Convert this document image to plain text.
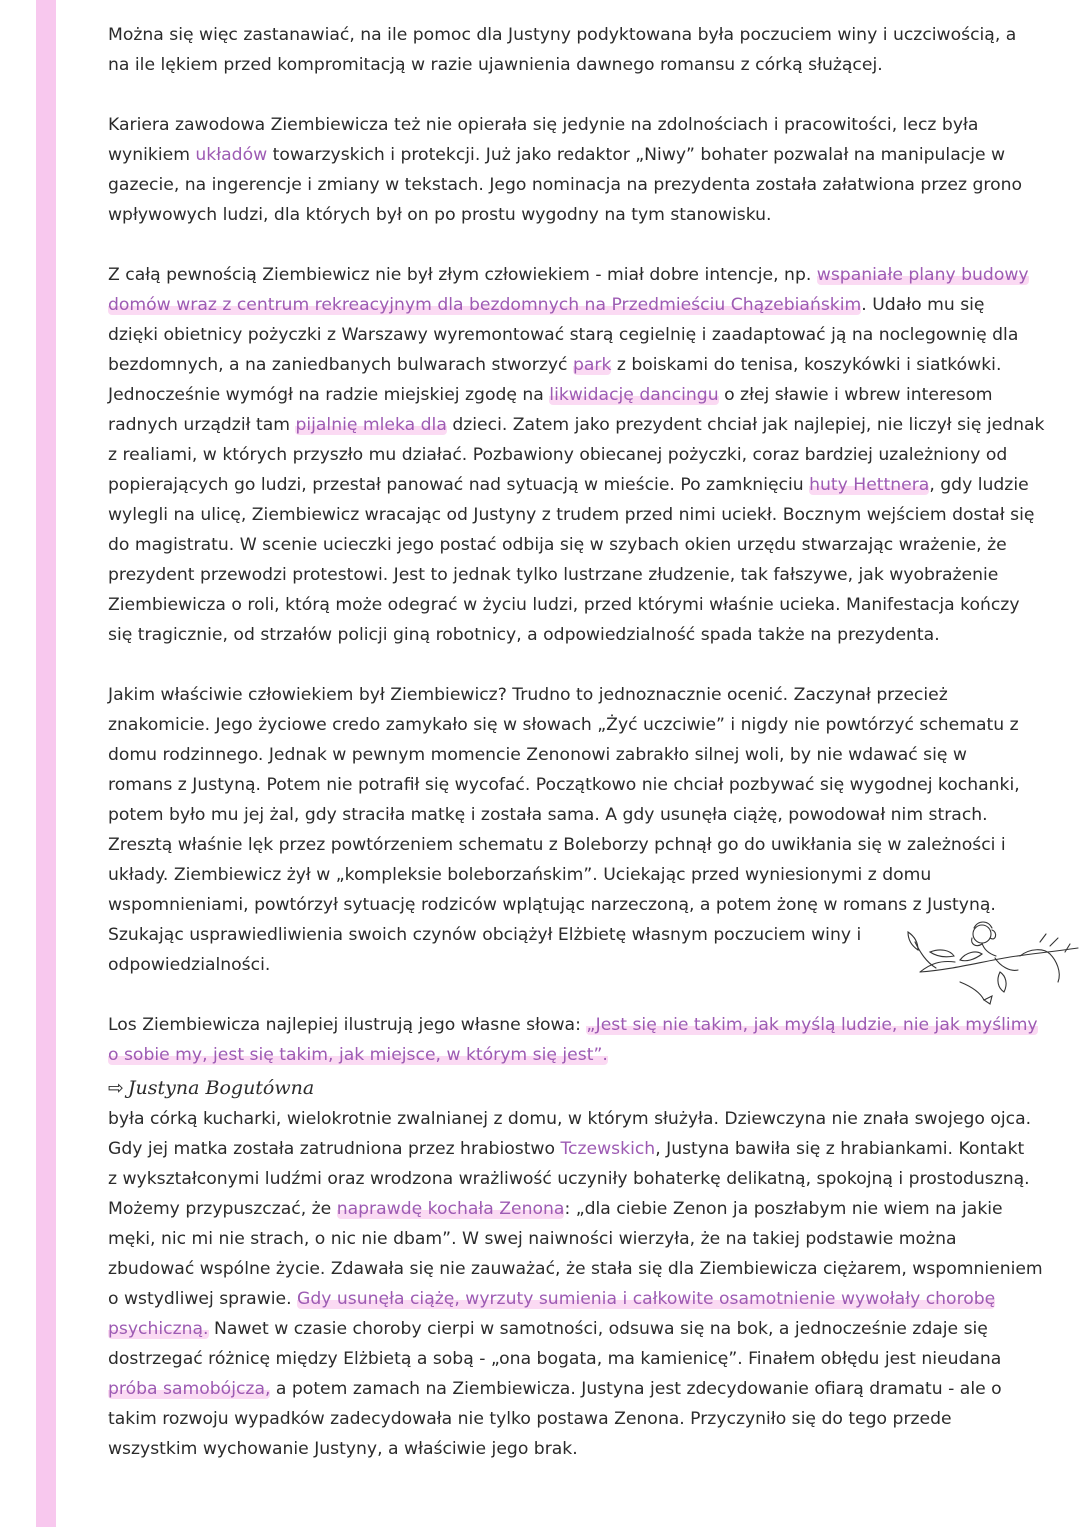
Można się więc zastanawiać, na ile pomoc dla Justyny podyktowana była poczuciem winy i uczciwością, a
na ile lękiem przed kompromitacją w razie ujawnienia dawnego romansu z córką służącej.
Kariera zawodowa Ziembiewicza też nie opierała się jedynie na zdolnościach i pracowitości, lecz była
wynikiem układów towarzyskich i protekcji. Już jako redaktor „Niwy” bohater pozwalał na manipulacje w
gazecie, na ingerencje i zmiany w tekstach. Jego nominacja na prezydenta została załatwiona przez grono
wpływowych ludzi, dla których był on po prostu wygodny na tym stanowisku.
Z całą pewnością Ziembiewicz nie był złym człowiekiem - miał dobre intencje, np. wspaniałe plany budowy
domów wraz z centrum rekreacyjnym dla bezdomnych na Przedmieściu Chązebiańskim. Udało mu się
dzięki obietnicy pożyczki z Warszawy wyremontować starą cegielnię i zaadaptować ją na noclegownię dla
bezdomnych, a na zaniedbanych bulwarach stworzyć park z boiskami do tenisa, koszykówki i siatkówki.
Jednocześnie wymógł na radzie miejskiej zgodę na likwidację dancingu o złej sławie i wbrew interesom
radnych urządził tam pijalnię mleka dla dzieci. Zatem jako prezydent chciał jak najlepiej, nie liczył się jednak
z realiami, w których przyszło mu działać. Pozbawiony obiecanej pożyczki, coraz bardziej uzależniony od
popierających go ludzi, przestał panować nad sytuacją w mieście. Po zamknięciu huty Hettnera, gdy ludzie
wylegli na ulicę, Ziembiewicz wracając od Justyny z trudem przed nimi uciekł. Bocznym wejściem dostał się
do magistratu. W scenie ucieczki jego postać odbija się w szybach okien urzędu stwarzając wrażenie, że
prezydent przewodzi protestowi. Jest to jednak tylko lustrzane złudzenie, tak fałszywe, jak wyobrażenie
Ziembiewicza o roli, którą może odegrać w życiu ludzi, przed którymi właśnie ucieka. Manifestacja kończy
się tragicznie, od strzałów policji giną robotnicy, a odpowiedzialność spada także na prezydenta.
Jakim właściwie człowiekiem był Ziembiewicz? Trudno to jednoznacznie ocenić. Zaczynał przecież
znakomicie. Jego życiowe credo zamykało się w słowach „Żyć uczciwie” i nigdy nie powtórzyć schematu z
domu rodzinnego. Jednak w pewnym momencie Zenonowi zabrakło silnej woli, by nie wdawać się w
romans z Justyną. Potem nie potrafił się wycofać. Początkowo nie chciał pozbywać się wygodnej kochanki,
potem było mu jej żal, gdy straciła matkę i została sama. A gdy usunęła ciążę, powodował nim strach.
Zresztą właśnie lęk przez powtórzeniem schematu z Boleborzy pchnął go do uwikłania się w zależności i
układy. Ziembiewicz żył w „kompleksie boleborzańskim”. Uciekając przed wyniesionymi z domu
wspomnieniami, powtórzył sytuację rodziców wplątując narzeczoną, a potem żonę w romans z Justyną.
Szukając usprawiedliwienia swoich czynów obciążył Elżbietę własnym poczuciem winy i
odpowiedzialności.
Los Ziembiewicza najlepiej ilustrują jego własne słowa: „Jest się nie takim, jak myślą ludzie, nie jak myślimy
o sobie my, jest się takim, jak miejsce, w którym się jest”.
⇨ Justyna Bogutówna
była córką kucharki, wielokrotnie zwalnianej z domu, w którym służyła. Dziewczyna nie znała swojego ojca.
Gdy jej matka została zatrudniona przez hrabiostwo Tczewskich, Justyna bawiła się z hrabiankami. Kontakt
z wykształconymi ludźmi oraz wrodzona wrażliwość uczyniły bohaterkę delikatną, spokojną i prostoduszną.
Możemy przypuszczać, że naprawdę kochała Zenona: „dla ciebie Zenon ja poszłabym nie wiem na jakie
męki, nic mi nie strach, o nic nie dbam”. W swej naiwności wierzyła, że na takiej podstawie można
zbudować wspólne życie. Zdawała się nie zauważać, że stała się dla Ziembiewicza ciężarem, wspomnieniem
o wstydliwej sprawie. Gdy usunęła ciążę, wyrzuty sumienia i całkowite osamotnienie wywołały chorobę
psychiczną. Nawet w czasie choroby cierpi w samotności, odsuwa się na bok, a jednocześnie zdaje się
dostrzegać różnicę między Elżbietą a sobą - „ona bogata, ma kamienicę”. Finałem obłędu jest nieudana
próba samobójcza, a potem zamach na Ziembiewicza. Justyna jest zdecydowanie ofiarą dramatu - ale o
takim rozwoju wypadków zadecydowała nie tylko postawa Zenona. Przyczyniło się do tego przede
wszystkim wychowanie Justyny, a właściwie jego brak.
